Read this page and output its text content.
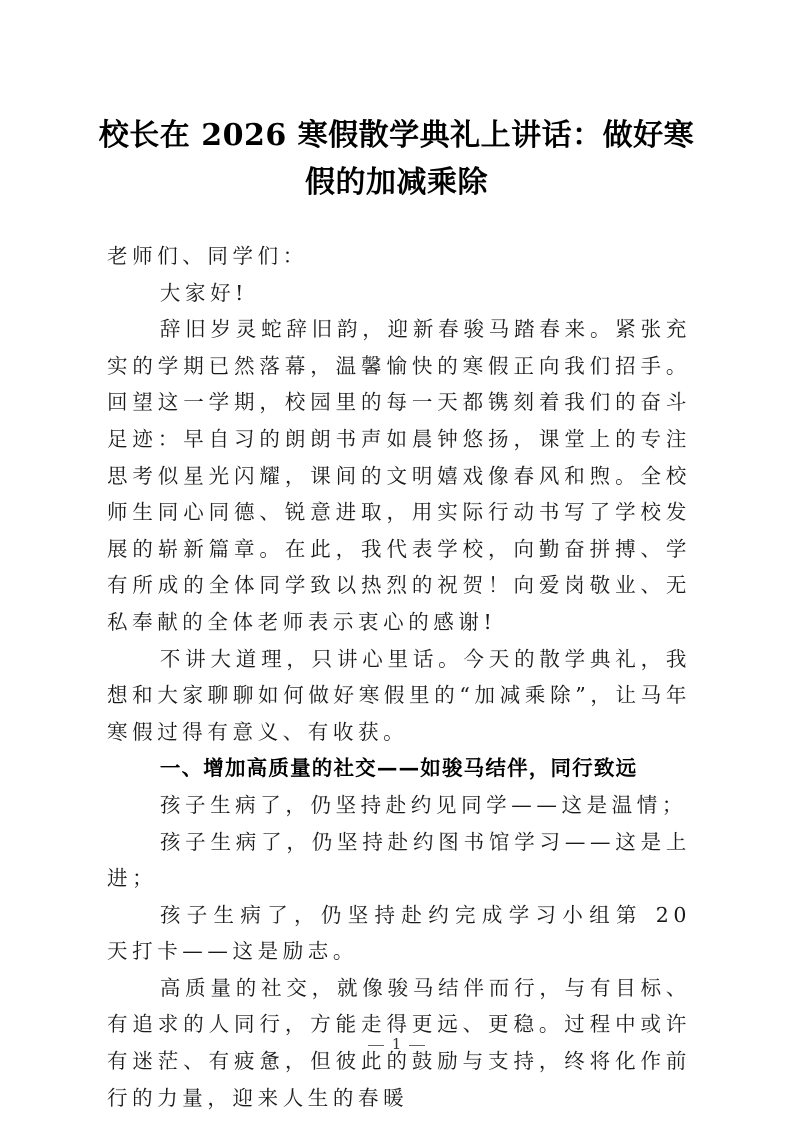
校长在 2026 寒假散学典礼上讲话：做好寒
假的加减乘除

老师们、同学们：

大家好!

辞旧岁灵蛇辞旧韵，迎新春骏马踏春来。紧张充实的学期已然落幕，温馨愉快的寒假正向我们招手。回望这一学期，校园里的每一天都镌刻着我们的奋斗足迹：早自习的朗朗书声如晨钟悠扬，课堂上的专注思考似星光闪耀，课间的文明嬉戏像春风和煦。全校师生同心同德、锐意进取，用实际行动书写了学校发展的崭新篇章。在此，我代表学校，向勤奋拼搏、学有所成的全体同学致以热烈的祝贺！向爱岗敬业、无私奉献的全体老师表示衷心的感谢!

不讲大道理，只讲心里话。今天的散学典礼，我想和大家聊聊如何做好寒假里的“加减乘除”，让马年寒假过得有意义、有收获。

一、增加高质量的社交——如骏马结伴，同行致远

孩子生病了，仍坚持赴约见同学——这是温情；

孩子生病了，仍坚持赴约图书馆学习——这是上进；

孩子生病了，仍坚持赴约完成学习小组第 20 天打卡——这是励志。

高质量的社交，就像骏马结伴而行，与有目标、有追求的人同行，方能走得更远、更稳。过程中或许有迷茫、有疲惫，但彼此的鼓励与支持，终将化作前行的力量，迎来人生的春暖

1
